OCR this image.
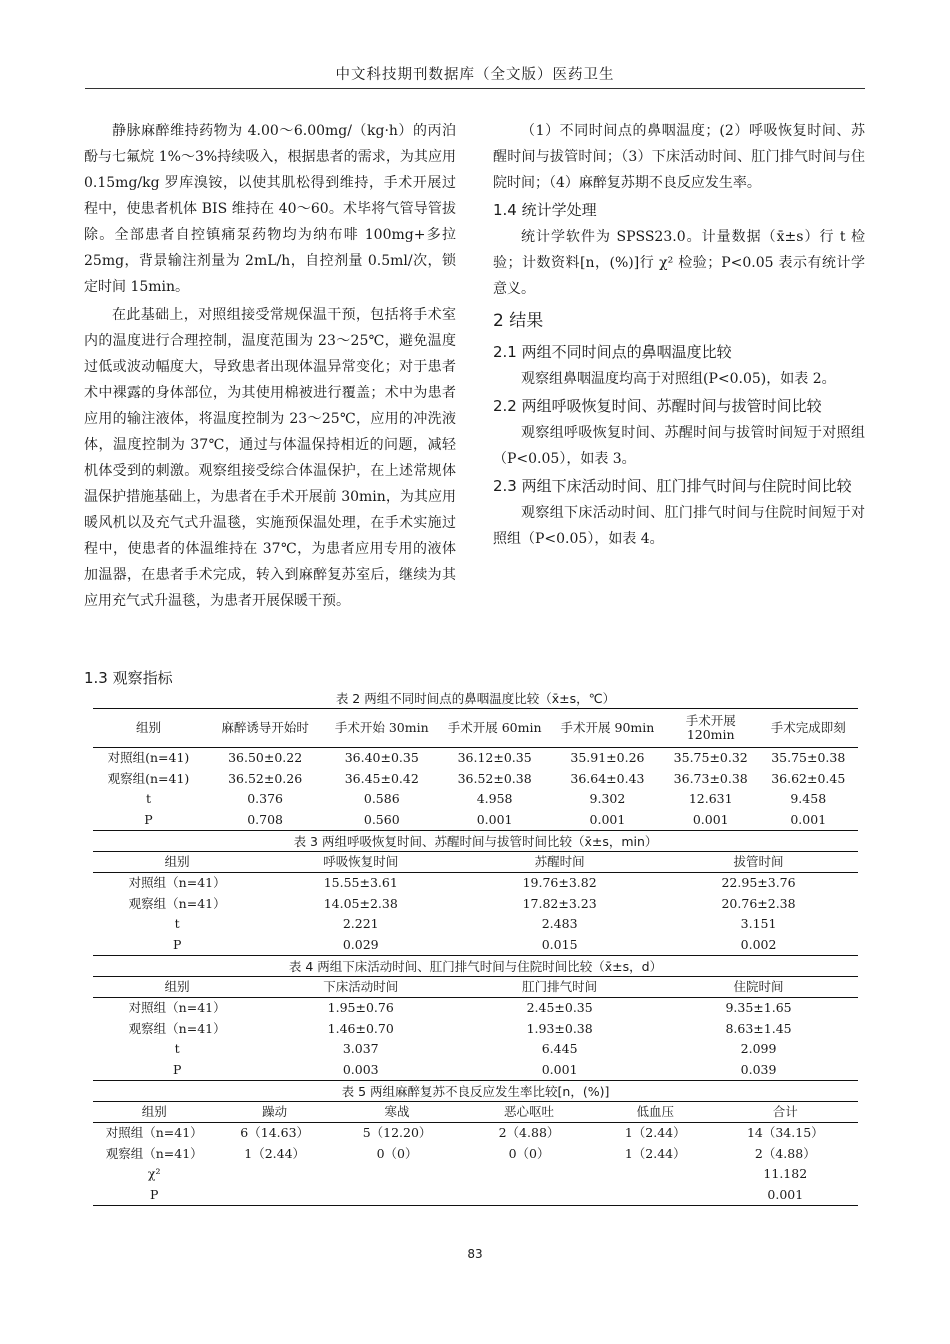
中文科技期刊数据库（全文版）医药卫生

静脉麻醉维持药物为 4.00～6.00mg/（kg·h）的丙泊酚与七氟烷 1%～3%持续吸入，根据患者的需求，为其应用 0.15mg/kg 罗库溴铵，以使其肌松得到维持，手术开展过程中，使患者机体 BIS 维持在 40～60。术毕将气管导管拔除。全部患者自控镇痛泵药物均为纳布啡 100mg+多拉 25mg，背景输注剂量为 2mL/h，自控剂量 0.5ml/次，锁定时间 15min。

在此基础上，对照组接受常规保温干预，包括将手术室内的温度进行合理控制，温度范围为 23～25℃，避免温度过低或波动幅度大，导致患者出现体温异常变化；对于患者术中裸露的身体部位，为其使用棉被进行覆盖；术中为患者应用的输注液体，将温度控制为 23～25℃，应用的冲洗液体，温度控制为 37℃，通过与体温保持相近的问题，减轻机体受到的刺激。观察组接受综合体温保护，在上述常规体温保护措施基础上，为患者在手术开展前 30min，为其应用暖风机以及充气式升温毯，实施预保温处理，在手术实施过程中，使患者的体温维持在 37℃，为患者应用专用的液体加温器，在患者手术完成，转入到麻醉复苏室后，继续为其应用充气式升温毯，为患者开展保暖干预。

1.3 观察指标

（1）不同时间点的鼻咽温度；(2）呼吸恢复时间、苏醒时间与拔管时间；（3）下床活动时间、肛门排气时间与住院时间；（4）麻醉复苏期不良反应发生率。

1.4 统计学处理

统计学软件为 SPSS23.0。计量数据（x̄±s）行 t 检验；计数资料[n，(%)]行 χ² 检验；P<0.05 表示有统计学意义。

2 结果
2.1 两组不同时间点的鼻咽温度比较

观察组鼻咽温度均高于对照组(P<0.05)，如表 2。

2.2 两组呼吸恢复时间、苏醒时间与拔管时间比较

观察组呼吸恢复时间、苏醒时间与拔管时间短于对照组（P<0.05），如表 3。

2.3 两组下床活动时间、肛门排气时间与住院时间比较

观察组下床活动时间、肛门排气时间与住院时间短于对照组（P<0.05），如表 4。

表 2 两组不同时间点的鼻咽温度比较（x̄±s，℃）
组别	麻醉诱导开始时	手术开始 30min	手术开展 60min	手术开展 90min	手术开展 120min	手术完成即刻
对照组(n=41)	36.50±0.22	36.40±0.35	36.12±0.35	35.91±0.26	35.75±0.32	35.75±0.38
观察组(n=41)	36.52±0.26	36.45±0.42	36.52±0.38	36.64±0.43	36.73±0.38	36.62±0.45
t	0.376	0.586	4.958	9.302	12.631	9.458
P	0.708	0.560	0.001	0.001	0.001	0.001
表 3 两组呼吸恢复时间、苏醒时间与拔管时间比较（x̄±s，min）
组别	呼吸恢复时间	苏醒时间	拔管时间
对照组（n=41）	15.55±3.61	19.76±3.82	22.95±3.76
观察组（n=41）	14.05±2.38	17.82±3.23	20.76±2.38
t	2.221	2.483	3.151
P	0.029	0.015	0.002
表 4 两组下床活动时间、肛门排气时间与住院时间比较（x̄±s，d）
组别	下床活动时间	肛门排气时间	住院时间
对照组（n=41）	1.95±0.76	2.45±0.35	9.35±1.65
观察组（n=41）	1.46±0.70	1.93±0.38	8.63±1.45
t	3.037	6.445	2.099
P	0.003	0.001	0.039
表 5 两组麻醉复苏不良反应发生率比较[n，(%)]
组别	躁动	寒战	恶心呕吐	低血压	合计
对照组（n=41）	6（14.63）	5（12.20）	2（4.88）	1（2.44）	14（34.15）
观察组（n=41）	1（2.44）	0（0）	0（0）	1（2.44）	2（4.88）
χ²					11.182
P					0.001
83
